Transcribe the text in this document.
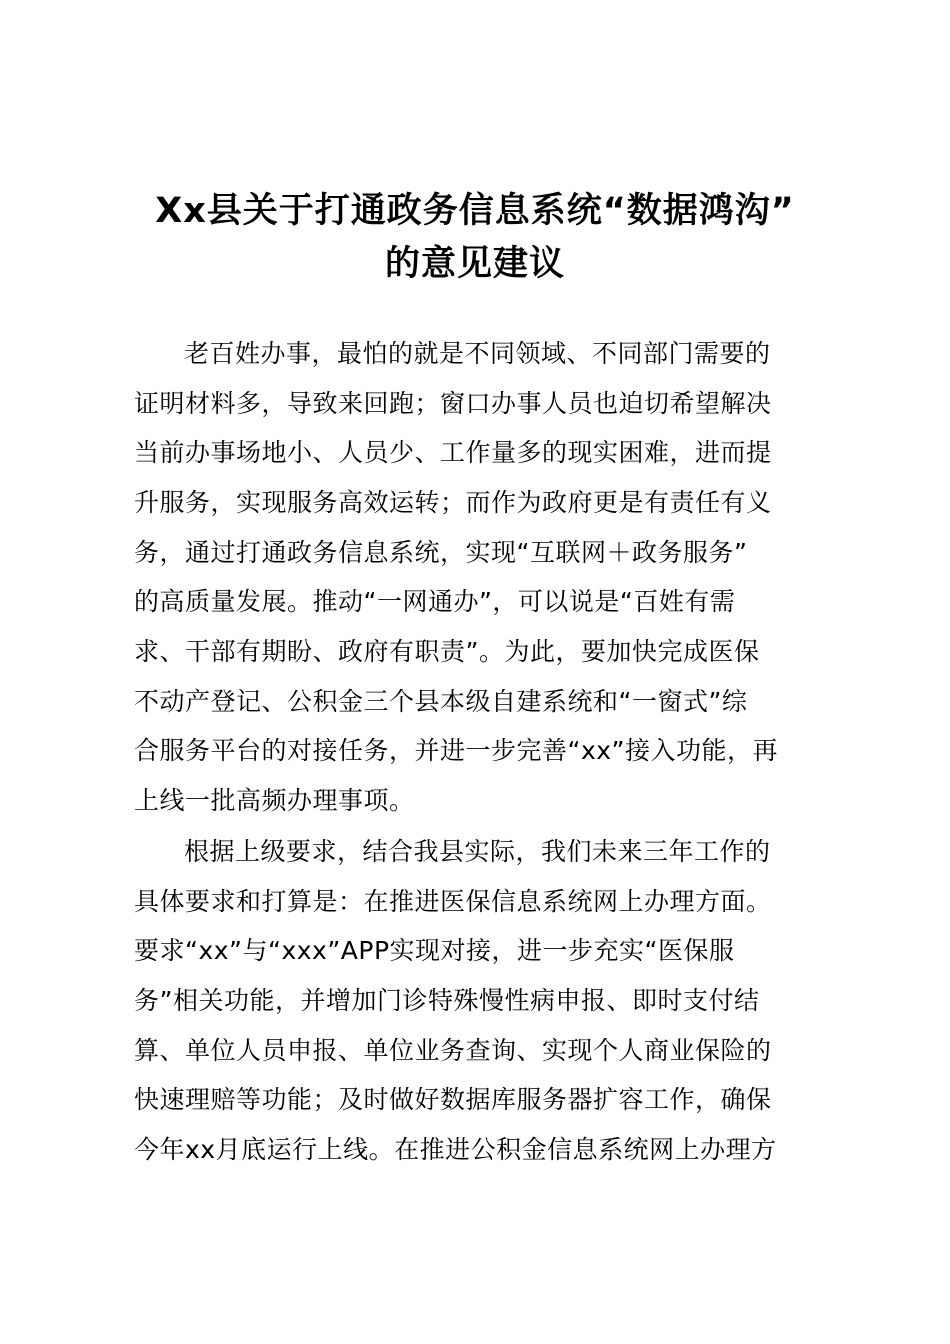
Xx县关于打通政务信息系统“数据鸿沟”
的意见建议
老百姓办事，最怕的就是不同领域、不同部门需要的
证明材料多，导致来回跑；窗口办事人员也迫切希望解决
当前办事场地小、人员少、工作量多的现实困难，进而提
升服务，实现服务高效运转；而作为政府更是有责任有义
务，通过打通政务信息系统，实现“互联网＋政务服务”
的高质量发展。推动“一网通办”，可以说是“百姓有需
求、干部有期盼、政府有职责”。为此，要加快完成医保
不动产登记、公积金三个县本级自建系统和“一窗式”综
合服务平台的对接任务，并进一步完善“xx”接入功能，再
上线一批高频办理事项。
根据上级要求，结合我县实际，我们未来三年工作的
具体要求和打算是：在推进医保信息系统网上办理方面。
要求“xx”与“xxx”APP实现对接，进一步充实“医保服
务”相关功能，并增加门诊特殊慢性病申报、即时支付结
算、单位人员申报、单位业务查询、实现个人商业保险的
快速理赔等功能；及时做好数据库服务器扩容工作，确保
今年xx月底运行上线。在推进公积金信息系统网上办理方
